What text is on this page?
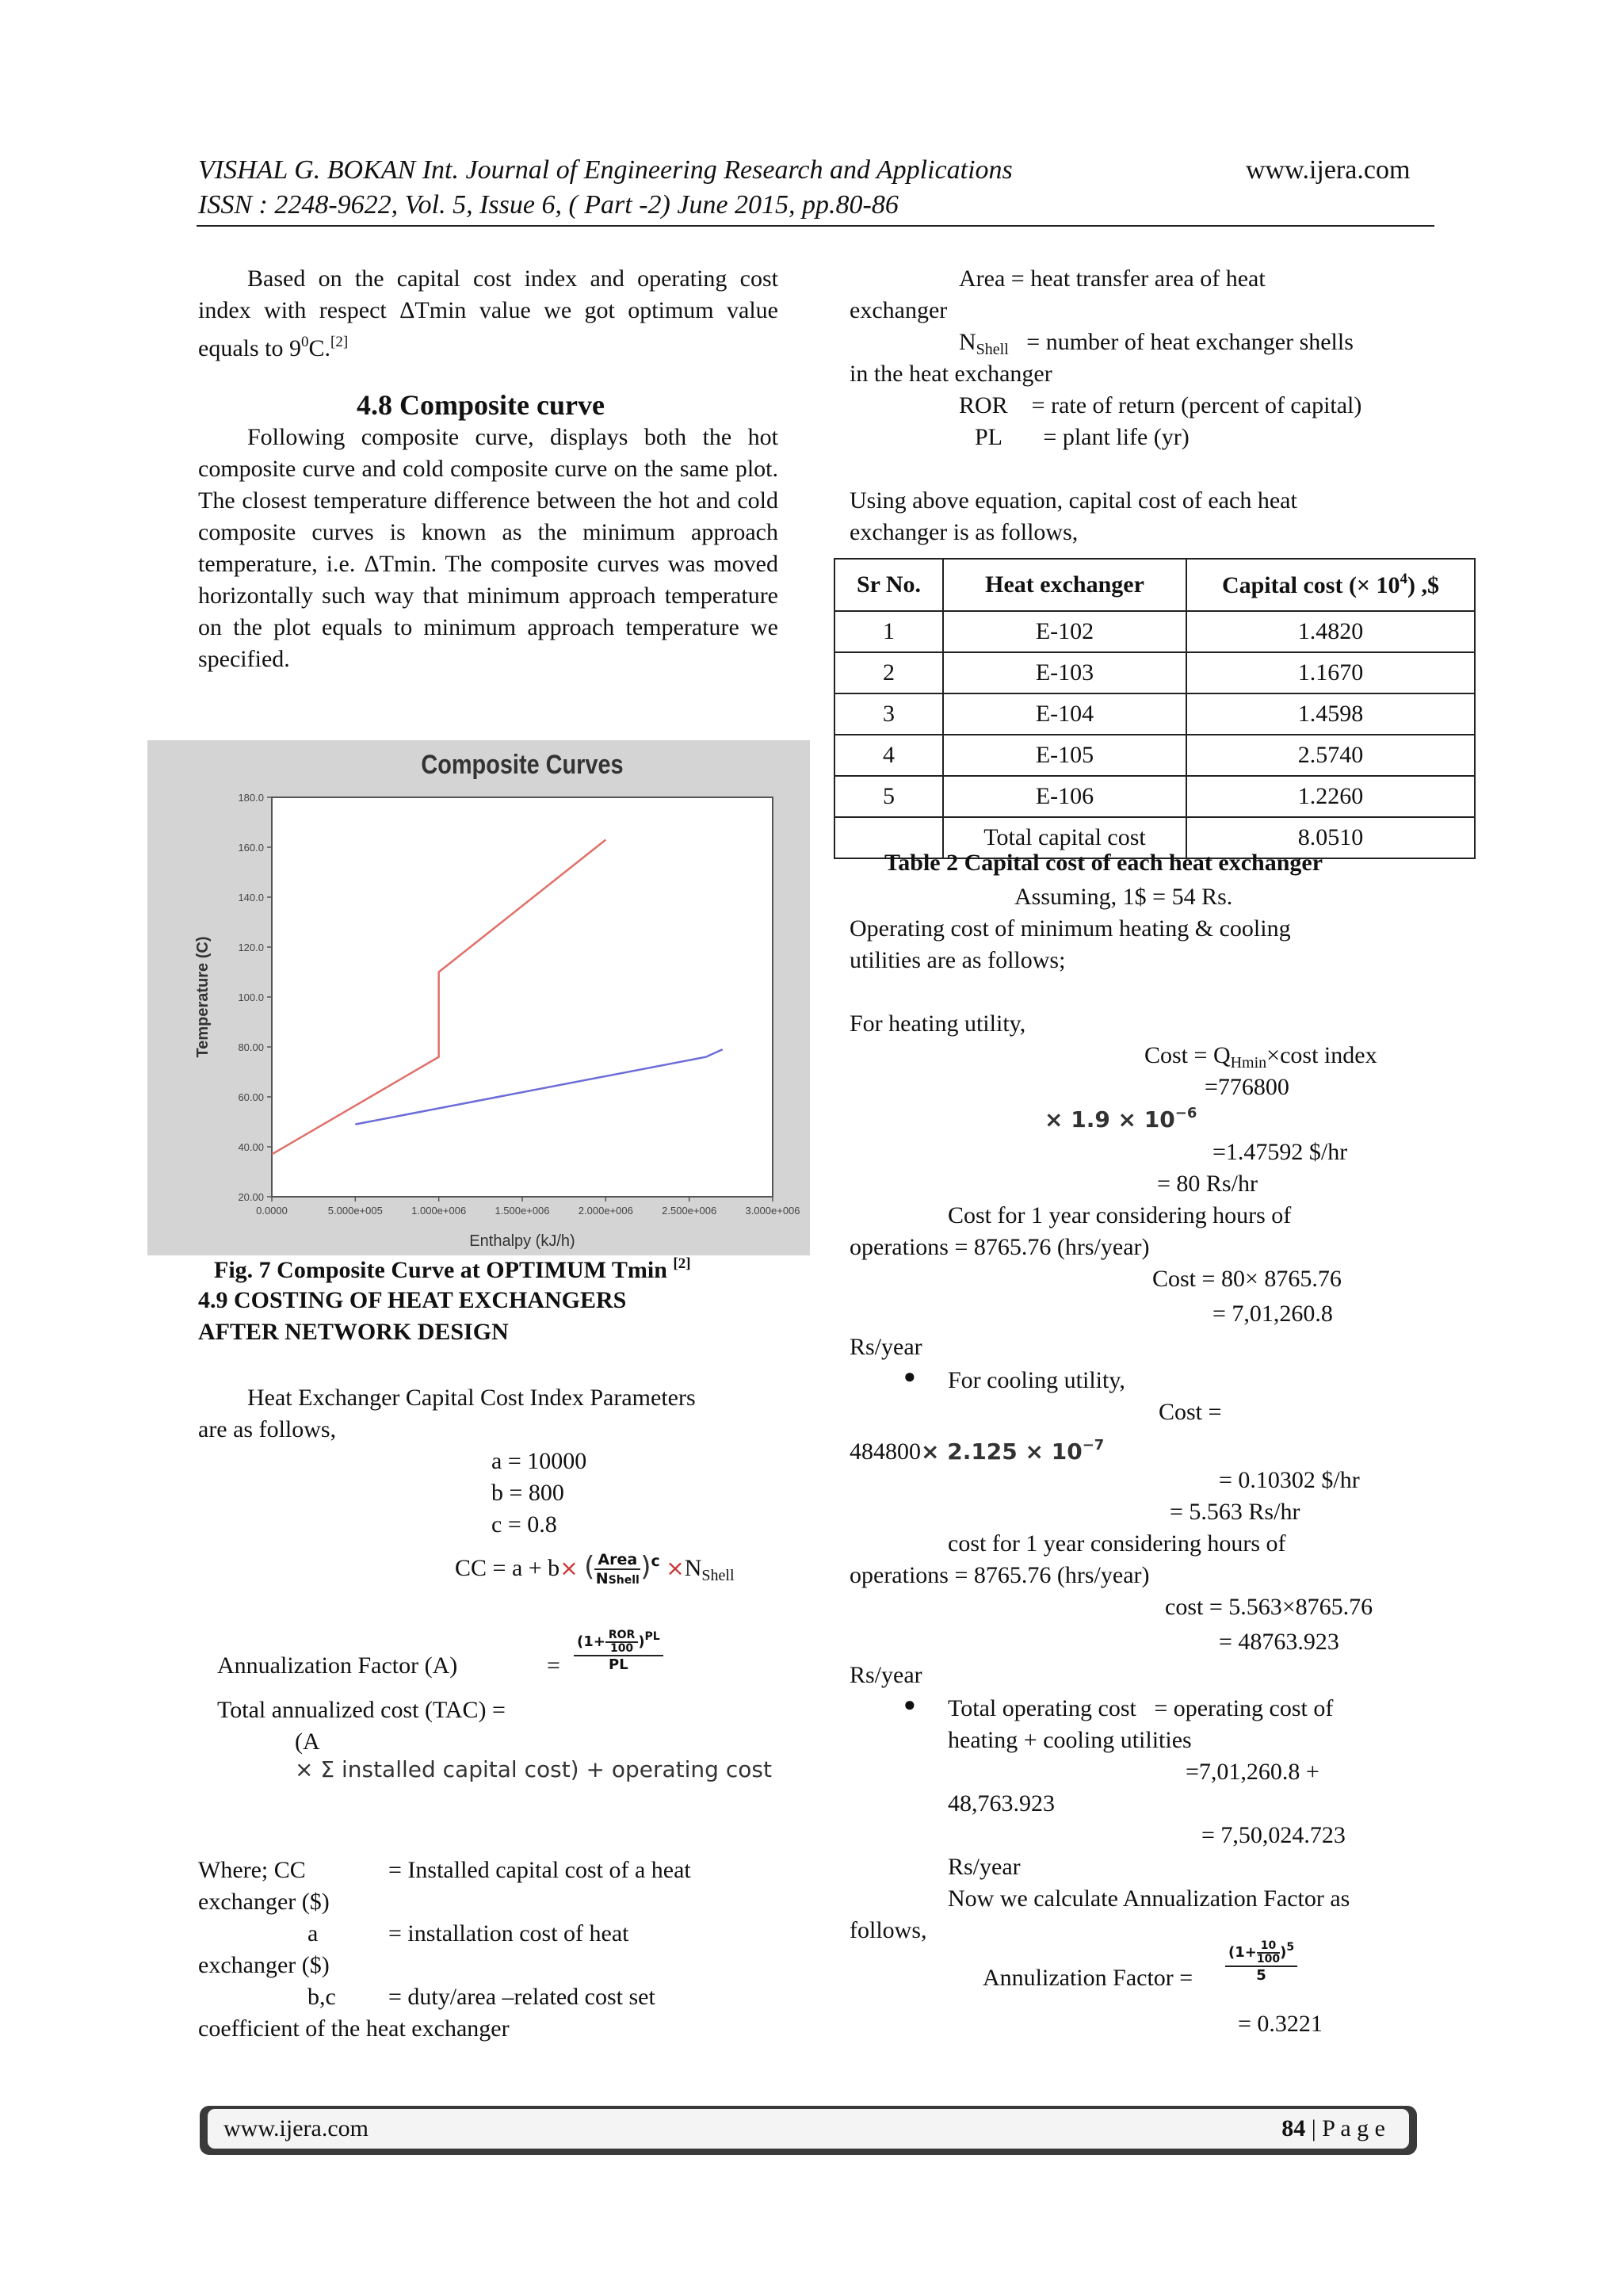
VISHAL G. BOKAN Int. Journal of Engineering Research and Applications	www.ijera.com
ISSN : 2248-9622, Vol. 5, Issue 6, ( Part -2) June 2015, pp.80-86
Based on the capital cost index and operating cost index with respect ΔTmin value we got optimum value equals to $9^0C.[2]$
4.8 Composite curve
Following composite curve, displays both the hot composite curve and cold composite curve on the same plot. The closest temperature difference between the hot and cold composite curves is known as the minimum approach temperature, i.e. ΔTmin. The composite curves was moved horizontally such way that minimum approach temperature on the plot equals to minimum approach temperature we specified.
Composite Curves
20.00
40.00
60.00
80.00
100.0
120.0
140.0
160.0
180.0
0.0000	5.000e+005	1.000e+006	1.500e+006	2.000e+006	2.500e+006	3.000e+006
Enthalpy (kJ/h)
Temperature (C)
Fig. 7 Composite Curve at OPTIMUM Tmin [2]
4.9 COSTING OF HEAT EXCHANGERS
AFTER NETWORK DESIGN
Heat Exchanger Capital Cost Index Parameters
are as follows,
a = 10000
b = 800
c = 0.8
CC = a + b× ( $\frac{\text{Area}}{\text{NShell}} )^c \times N_{Shell}$
Annualization Factor (A)	= $\frac{(1+ \frac{\text{ROR}}{100} )^{PL}}{PL}$
Total annualized cost (TAC) =
(A
× Σ installed capital cost) + operating cost
Where; CC	= Installed capital cost of a heat
exchanger ($)
a	= installation cost of heat
exchanger ($)
b,c = duty/area –related cost set
coefficient of the heat exchanger
Area = heat transfer area of heat
exchanger
$N_{Shell}$   = number of heat exchanger shells
in the heat exchanger
ROR    = rate of return (percent of capital)
PL       = plant life (yr)
Using above equation, capital cost of each heat
exchanger is as follows,
Sr No.	Heat exchanger	Capital cost (× $10^4$) ,$
1	E-102	1.4820
2	E-103	1.1670
3	E-104	1.4598
4	E-105	2.5740
5	E-106	1.2260
	Total capital cost	8.0510
Table 2 Capital cost of each heat exchanger
Assuming, 1$ = 54 Rs.
Operating cost of minimum heating & cooling
utilities are as follows;
For heating utility,
Cost = $Q_{Hmin}\times\cos t$ index
=776800
× $1.9 \times 10^{-6}$
=1.47592 $/hr
= 80 Rs/hr
Cost for 1 year considering hours of
operations = 8765.76 (hrs/year)
Cost = 80× 8765.76
= 7,01,260.8
Rs/year
● For cooling utility,
Cost =
$484800\times 2.125 \times 10^{-7}$
= 0.10302 $/hr
= 5.563 Rs/hr
cost for 1 year considering hours of
operations = 8765.76 (hrs/year)
cost = 5.563×8765.76
= 48763.923
Rs/year
● Total operating cost   = operating cost of
heating + cooling utilities
=7,01,260.8 +
48,763.923
= 7,50,024.723
Rs/year
Now we calculate Annualization Factor as
follows,
Annulization Factor = $\frac{(1+ \frac{10}{100} )^5}{5}$
= 0.3221
www.ijera.com	84 | P a g e
